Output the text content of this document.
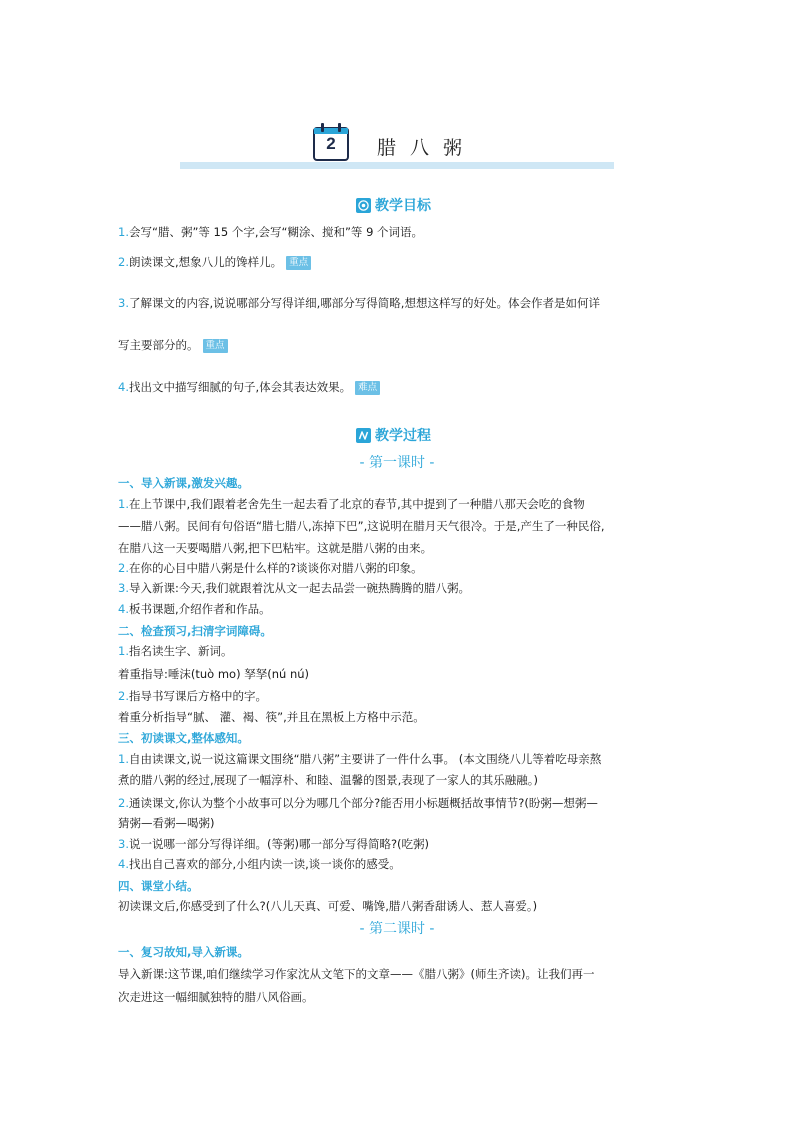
2	腊八粥
教学目标
1.会写“腊、粥”等 15 个字,会写“糊涂、搅和”等 9 个词语。
2.朗读课文,想象八儿的馋样儿。 重点
3.了解课文的内容,说说哪部分写得详细,哪部分写得简略,想想这样写的好处。体会作者是如何详
写主要部分的。 重点
4.找出文中描写细腻的句子,体会其表达效果。 难点
教学过程
- 第一课时 -
一、导入新课,激发兴趣。
1.在上节课中,我们跟着老舍先生一起去看了北京的春节,其中提到了一种腊八那天会吃的食物
——腊八粥。民间有句俗语“腊七腊八,冻掉下巴”,这说明在腊月天气很冷。于是,产生了一种民俗,
在腊八这一天要喝腊八粥,把下巴粘牢。这就是腊八粥的由来。
2.在你的心目中腊八粥是什么样的?谈谈你对腊八粥的印象。
3.导入新课:今天,我们就跟着沈从文一起去品尝一碗热腾腾的腊八粥。
4.板书课题,介绍作者和作品。
二、检查预习,扫清字词障碍。
1.指名读生字、新词。
着重指导:唾沫(tuò mo) 孥孥(nú nú)
2.指导书写课后方格中的字。
着重分析指导“腻、 灌、褐、筷”,并且在黑板上方格中示范。
三、初读课文,整体感知。
1.自由读课文,说一说这篇课文围绕“腊八粥”主要讲了一件什么事。 (本文围绕八儿等着吃母亲熬
煮的腊八粥的经过,展现了一幅淳朴、和睦、温馨的图景,表现了一家人的其乐融融。)
2.通读课文,你认为整个小故事可以分为哪几个部分?能否用小标题概括故事情节?(盼粥—想粥—
猜粥—看粥—喝粥)
3.说一说哪一部分写得详细。(等粥)哪一部分写得简略?(吃粥)
4.找出自己喜欢的部分,小组内读一读,谈一谈你的感受。
四、课堂小结。
初读课文后,你感受到了什么?(八儿天真、可爱、嘴馋,腊八粥香甜诱人、惹人喜爱。)
- 第二课时 -
一、复习故知,导入新课。
导入新课:这节课,咱们继续学习作家沈从文笔下的文章——《腊八粥》(师生齐读)。让我们再一
次走进这一幅细腻独特的腊八风俗画。
